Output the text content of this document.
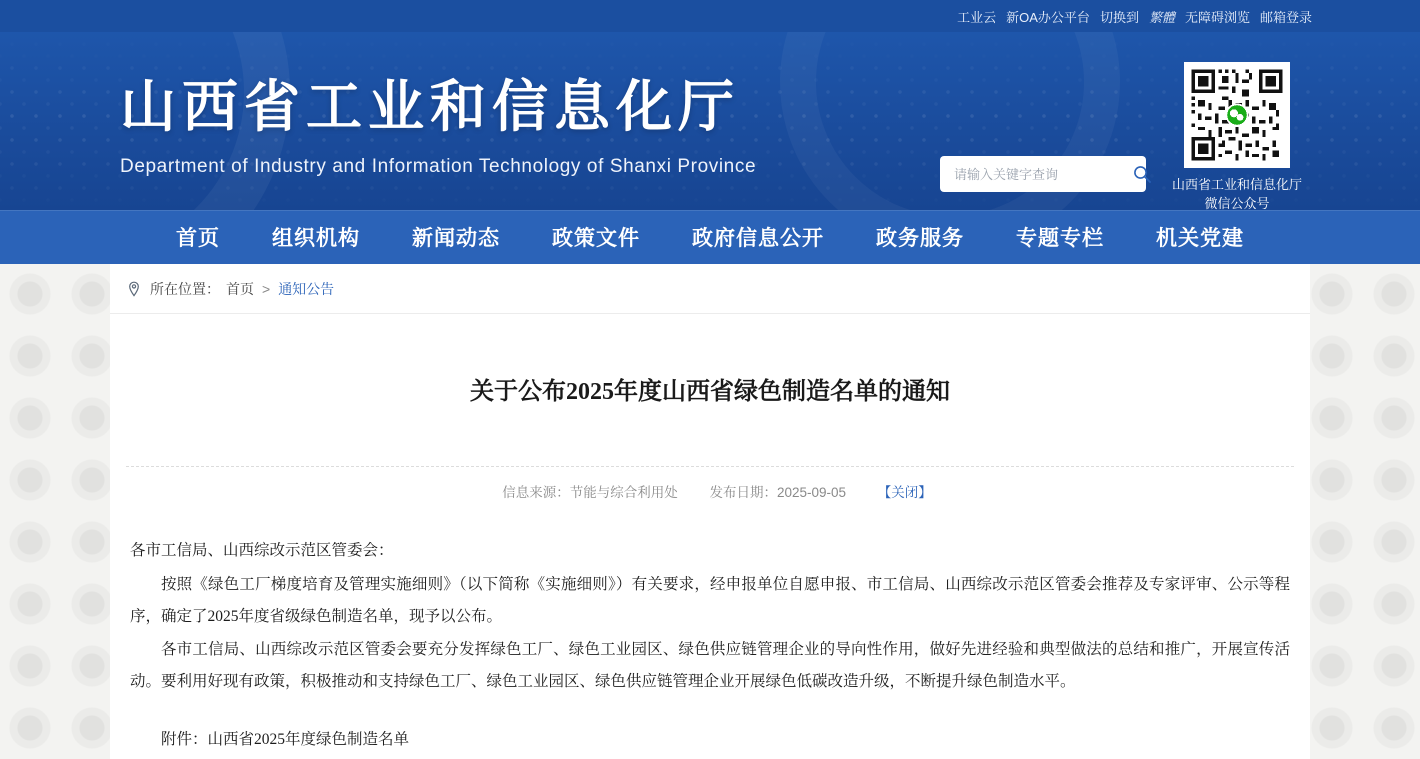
工业云 新OA办公平台 切换到 繁體 无障碍浏览 邮箱登录
山西省工业和信息化厅
Department of Industry and Information Technology of Shanxi Province
请输入关键字查询
山西省工业和信息化厅
微信公众号
首页	组织机构	新闻动态	政策文件	政府信息公开	政务服务	专题专栏	机关党建
所在位置： 首页 > 通知公告
关于公布2025年度山西省绿色制造名单的通知
信息来源：节能与综合利用处 发布日期：2025-09-05 【关闭】

各市工信局、山西综改示范区管委会：

按照《绿色工厂梯度培育及管理实施细则》（以下简称《实施细则》）有关要求，经申报单位自愿申报、市工信局、山西综改示范区管委会推荐及专家评审、公示等程序，确定了2025年度省级绿色制造名单，现予以公布。

各市工信局、山西综改示范区管委会要充分发挥绿色工厂、绿色工业园区、绿色供应链管理企业的导向性作用，做好先进经验和典型做法的总结和推广，开展宣传活动。要利用好现有政策，积极推动和支持绿色工厂、绿色工业园区、绿色供应链管理企业开展绿色低碳改造升级，不断提升绿色制造水平。

附件：山西省2025年度绿色制造名单
